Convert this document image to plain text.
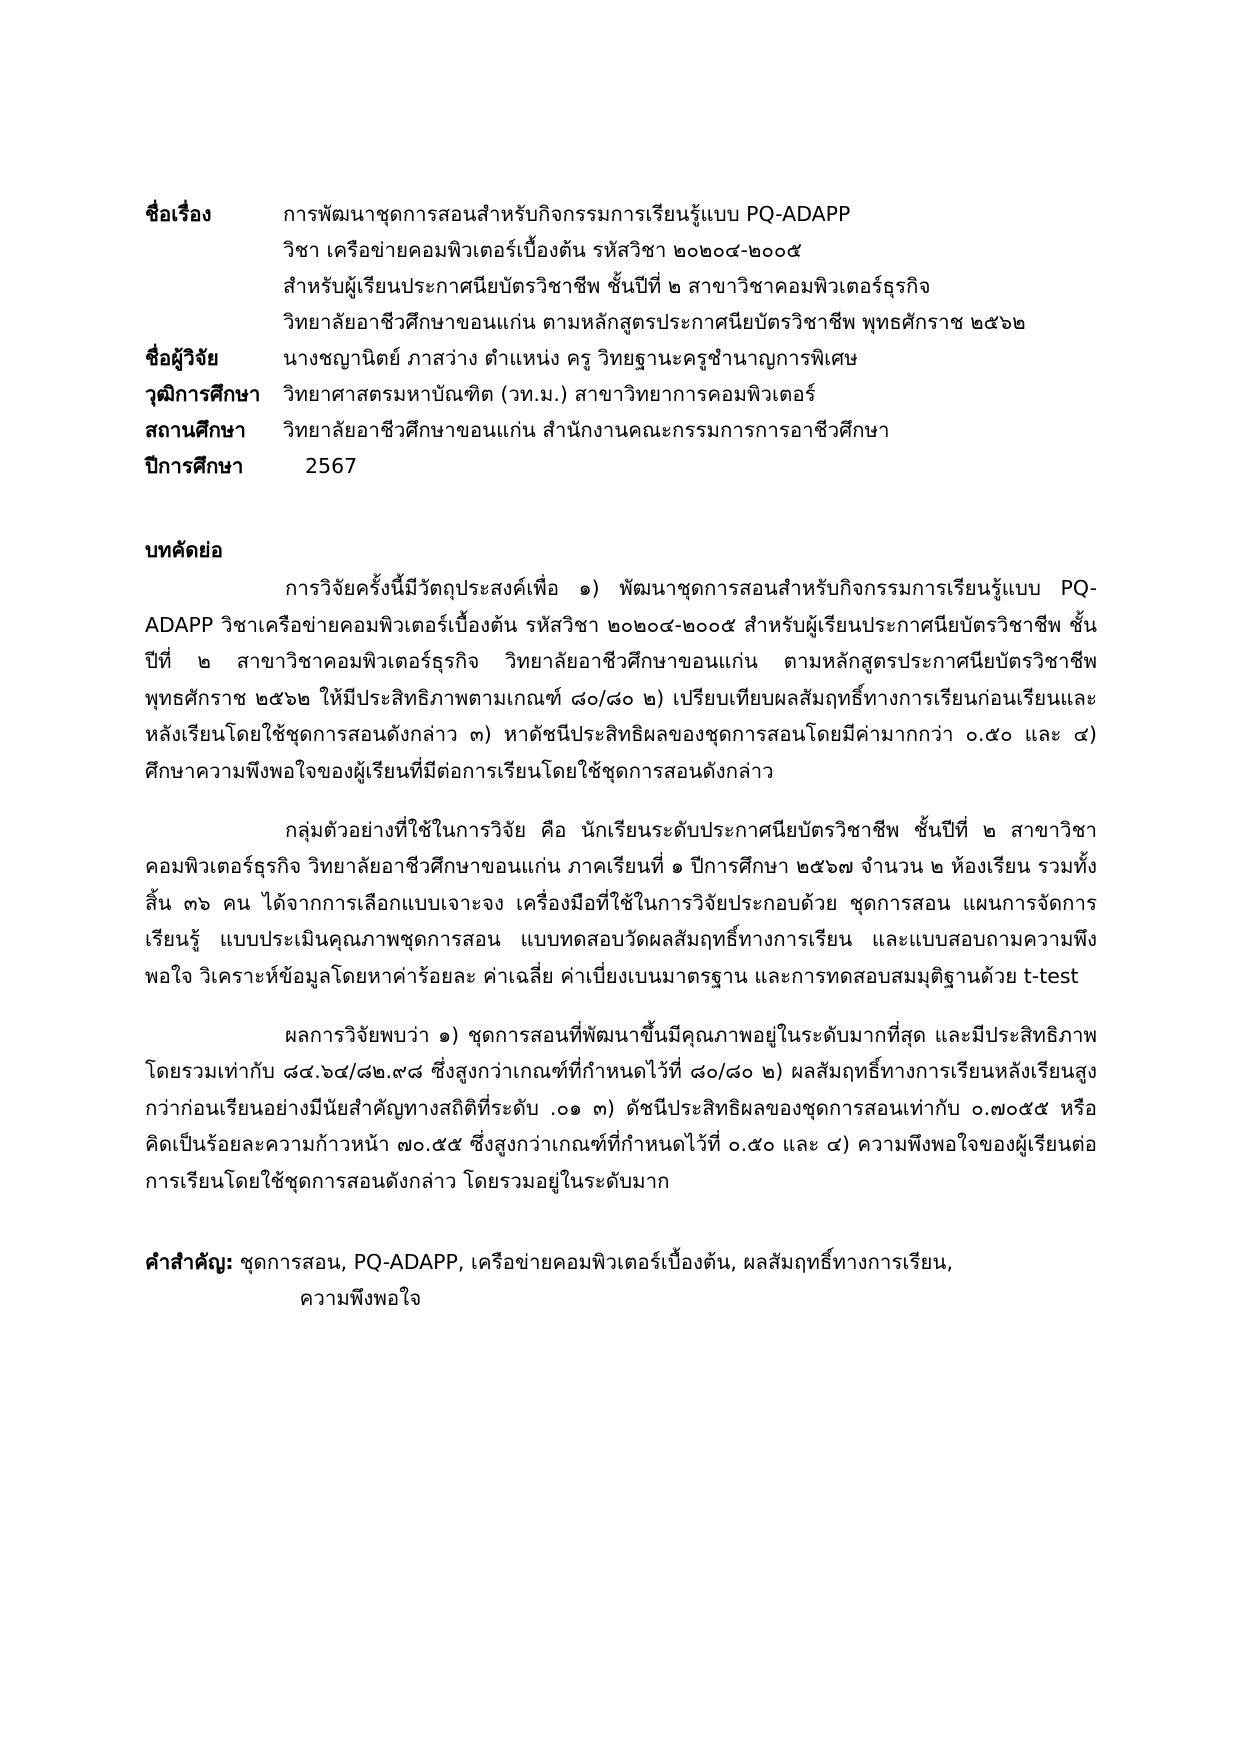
ชื่อเรื่อง	การพัฒนาชุดการสอนสำหรับกิจกรรมการเรียนรู้แบบ PQ-ADAPP
วิชา เครือข่ายคอมพิวเตอร์เบื้องต้น รหัสวิชา ๒๐๒๐๔-๒๐๐๕
สำหรับผู้เรียนประกาศนียบัตรวิชาชีพ ชั้นปีที่ ๒ สาขาวิชาคอมพิวเตอร์ธุรกิจ
วิทยาลัยอาชีวศึกษาขอนแก่น ตามหลักสูตรประกาศนียบัตรวิชาชีพ พุทธศักราช ๒๕๖๒
ชื่อผู้วิจัย	นางชญานิตย์ ภาสว่าง ตำแหน่ง ครู วิทยฐานะครูชำนาญการพิเศษ
วุฒิการศึกษา	วิทยาศาสตรมหาบัณฑิต (วท.ม.) สาขาวิทยาการคอมพิวเตอร์
สถานศึกษา	วิทยาลัยอาชีวศึกษาขอนแก่น สำนักงานคณะกรรมการการอาชีวศึกษา
ปีการศึกษา	2567
บทคัดย่อ
การวิจัยครั้งนี้มีวัตถุประสงค์เพื่อ ๑) พัฒนาชุดการสอนสำหรับกิจกรรมการเรียนรู้แบบ PQ-ADAPP วิชาเครือข่ายคอมพิวเตอร์เบื้องต้น รหัสวิชา ๒๐๒๐๔-๒๐๐๕ สำหรับผู้เรียนประกาศนียบัตรวิชาชีพ ชั้นปีที่ ๒ สาขาวิชาคอมพิวเตอร์ธุรกิจ วิทยาลัยอาชีวศึกษาขอนแก่น ตามหลักสูตรประกาศนียบัตรวิชาชีพพุทธศักราช ๒๕๖๒ ให้มีประสิทธิภาพตามเกณฑ์ ๘๐/๘๐ ๒) เปรียบเทียบผลสัมฤทธิ์ทางการเรียนก่อนเรียนและหลังเรียนโดยใช้ชุดการสอนดังกล่าว ๓) หาดัชนีประสิทธิผลของชุดการสอนโดยมีค่ามากกว่า ๐.๕๐ และ ๔) ศึกษาความพึงพอใจของผู้เรียนที่มีต่อการเรียนโดยใช้ชุดการสอนดังกล่าว
กลุ่มตัวอย่างที่ใช้ในการวิจัย คือ นักเรียนระดับประกาศนียบัตรวิชาชีพ ชั้นปีที่ ๒ สาขาวิชาคอมพิวเตอร์ธุรกิจ วิทยาลัยอาชีวศึกษาขอนแก่น ภาคเรียนที่ ๑ ปีการศึกษา ๒๕๖๗ จำนวน ๒ ห้องเรียน รวมทั้งสิ้น ๓๖ คน ได้จากการเลือกแบบเจาะจง เครื่องมือที่ใช้ในการวิจัยประกอบด้วย ชุดการสอน แผนการจัดการเรียนรู้ แบบประเมินคุณภาพชุดการสอน แบบทดสอบวัดผลสัมฤทธิ์ทางการเรียน และแบบสอบถามความพึงพอใจ วิเคราะห์ข้อมูลโดยหาค่าร้อยละ ค่าเฉลี่ย ค่าเบี่ยงเบนมาตรฐาน และการทดสอบสมมุติฐานด้วย t-test
ผลการวิจัยพบว่า ๑) ชุดการสอนที่พัฒนาขึ้นมีคุณภาพอยู่ในระดับมากที่สุด และมีประสิทธิภาพโดยรวมเท่ากับ ๘๔.๖๔/๘๒.๙๘ ซึ่งสูงกว่าเกณฑ์ที่กำหนดไว้ที่ ๘๐/๘๐ ๒) ผลสัมฤทธิ์ทางการเรียนหลังเรียนสูงกว่าก่อนเรียนอย่างมีนัยสำคัญทางสถิติที่ระดับ .๐๑ ๓) ดัชนีประสิทธิผลของชุดการสอนเท่ากับ ๐.๗๐๕๕ หรือคิดเป็นร้อยละความก้าวหน้า ๗๐.๕๕ ซึ่งสูงกว่าเกณฑ์ที่กำหนดไว้ที่ ๐.๕๐ และ ๔) ความพึงพอใจของผู้เรียนต่อการเรียนโดยใช้ชุดการสอนดังกล่าว โดยรวมอยู่ในระดับมาก
คำสำคัญ: ชุดการสอน, PQ-ADAPP, เครือข่ายคอมพิวเตอร์เบื้องต้น, ผลสัมฤทธิ์ทางการเรียน,
ความพึงพอใจ
